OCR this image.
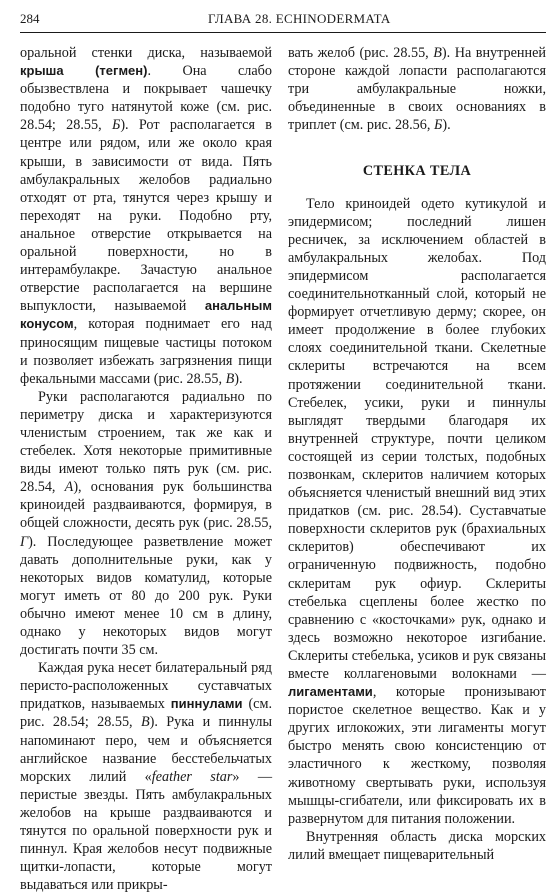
284	ГЛАВА 28. ECHINODERMATA

оральной стенки диска, называемой крыша (тегмен). Она слабо обызвествлена и покрывает чашечку подобно тугo натянутой коже (см. рис. 28.54; 28.55, Б). Рот располагается в центре или рядом, или же около края крыши, в зависимости от вида. Пять амбулакральных желобов радиально отходят от рта, тянутся через крышу и переходят на руки. Подобно рту, анальное отверстие открывается на оральной поверхности, но в интерамбулакре. Зачастую анальное отверстие располагается на вершине выпуклости, называемой анальным конусом, которая поднимает его над приносящим пищевые частицы потоком и позволяет избежать загрязнения пищи фекальными массами (рис. 28.55, В).

Руки располагаются радиально по периметру диска и характеризуются членистым строением, так же как и стебелек. Хотя некоторые примитивные виды имеют только пять рук (см. рис. 28.54, А), основания рук большинства криноидей раздваиваются, формируя, в общей сложности, десять рук (рис. 28.55, Г). Последующее разветвление может давать дополнительные руки, как у некоторых видов коматулид, которые могут иметь от 80 до 200 рук. Руки обычно имеют менее 10 см в длину, однако у некоторых видов могут достигать почти 35 см.

Каждая рука несет билатеральный ряд перисто-расположенных суставчатых придатков, называемых пиннулами (см. рис. 28.54; 28.55, В). Рука и пиннулы напоминают перо, чем и объясняется английское название бесстебельчатых морских лилий «feather star» — перистые звезды. Пять амбулакральных желобов на крыше раздваиваются и тянутся по оральной поверхности рук и пиннул. Края желобов несут подвижные щитки-лопасти, которые могут выдаваться или прикры-

вать желоб (рис. 28.55, В). На внутренней стороне каждой лопасти располагаются три амбулакральные ножки, объединенные в своих основаниях в триплет (см. рис. 28.56, Б).

СТЕНКА ТЕЛА

Тело криноидей одето кутикулой и эпидермисом; последний лишен ресничек, за исключением областей в амбулакральных желобах. Под эпидермисом располагается соединительнотканный слой, который не формирует отчетливую дерму; скорее, он имеет продолжение в более глубоких слоях соединительной ткани. Скелетные склериты встречаются на всем протяжении соединительной ткани. Стебелек, усики, руки и пиннулы выглядят твердыми благодаря их внутренней структуре, почти целиком состоящей из серии толстых, подобных позвонкам, склеритов наличием которых объясняется членистый внешний вид этих придатков (см. рис. 28.54). Суставчатые поверхности склеритов рук (брахиальных склеритов) обеспечивают их ограниченную подвижность, подобно склеритам рук офиур. Склериты стебелька сцеплены более жестко по сравнению с «косточками» рук, однако и здесь возможно некоторое изгибание. Склериты стебелька, усиков и рук связаны вместе коллагеновыми волокнами — лигаментами, которые пронизывают пористое скелетное вещество. Как и у других иглокожих, эти лигаменты могут быстро менять свою консистенцию от эластичного к жесткому, позволяя животному свертывать руки, используя мышцы-сгибатели, или фиксировать их в развернутом для питания положении.

Внутренняя область диска морских лилий вмещает пищеварительный
